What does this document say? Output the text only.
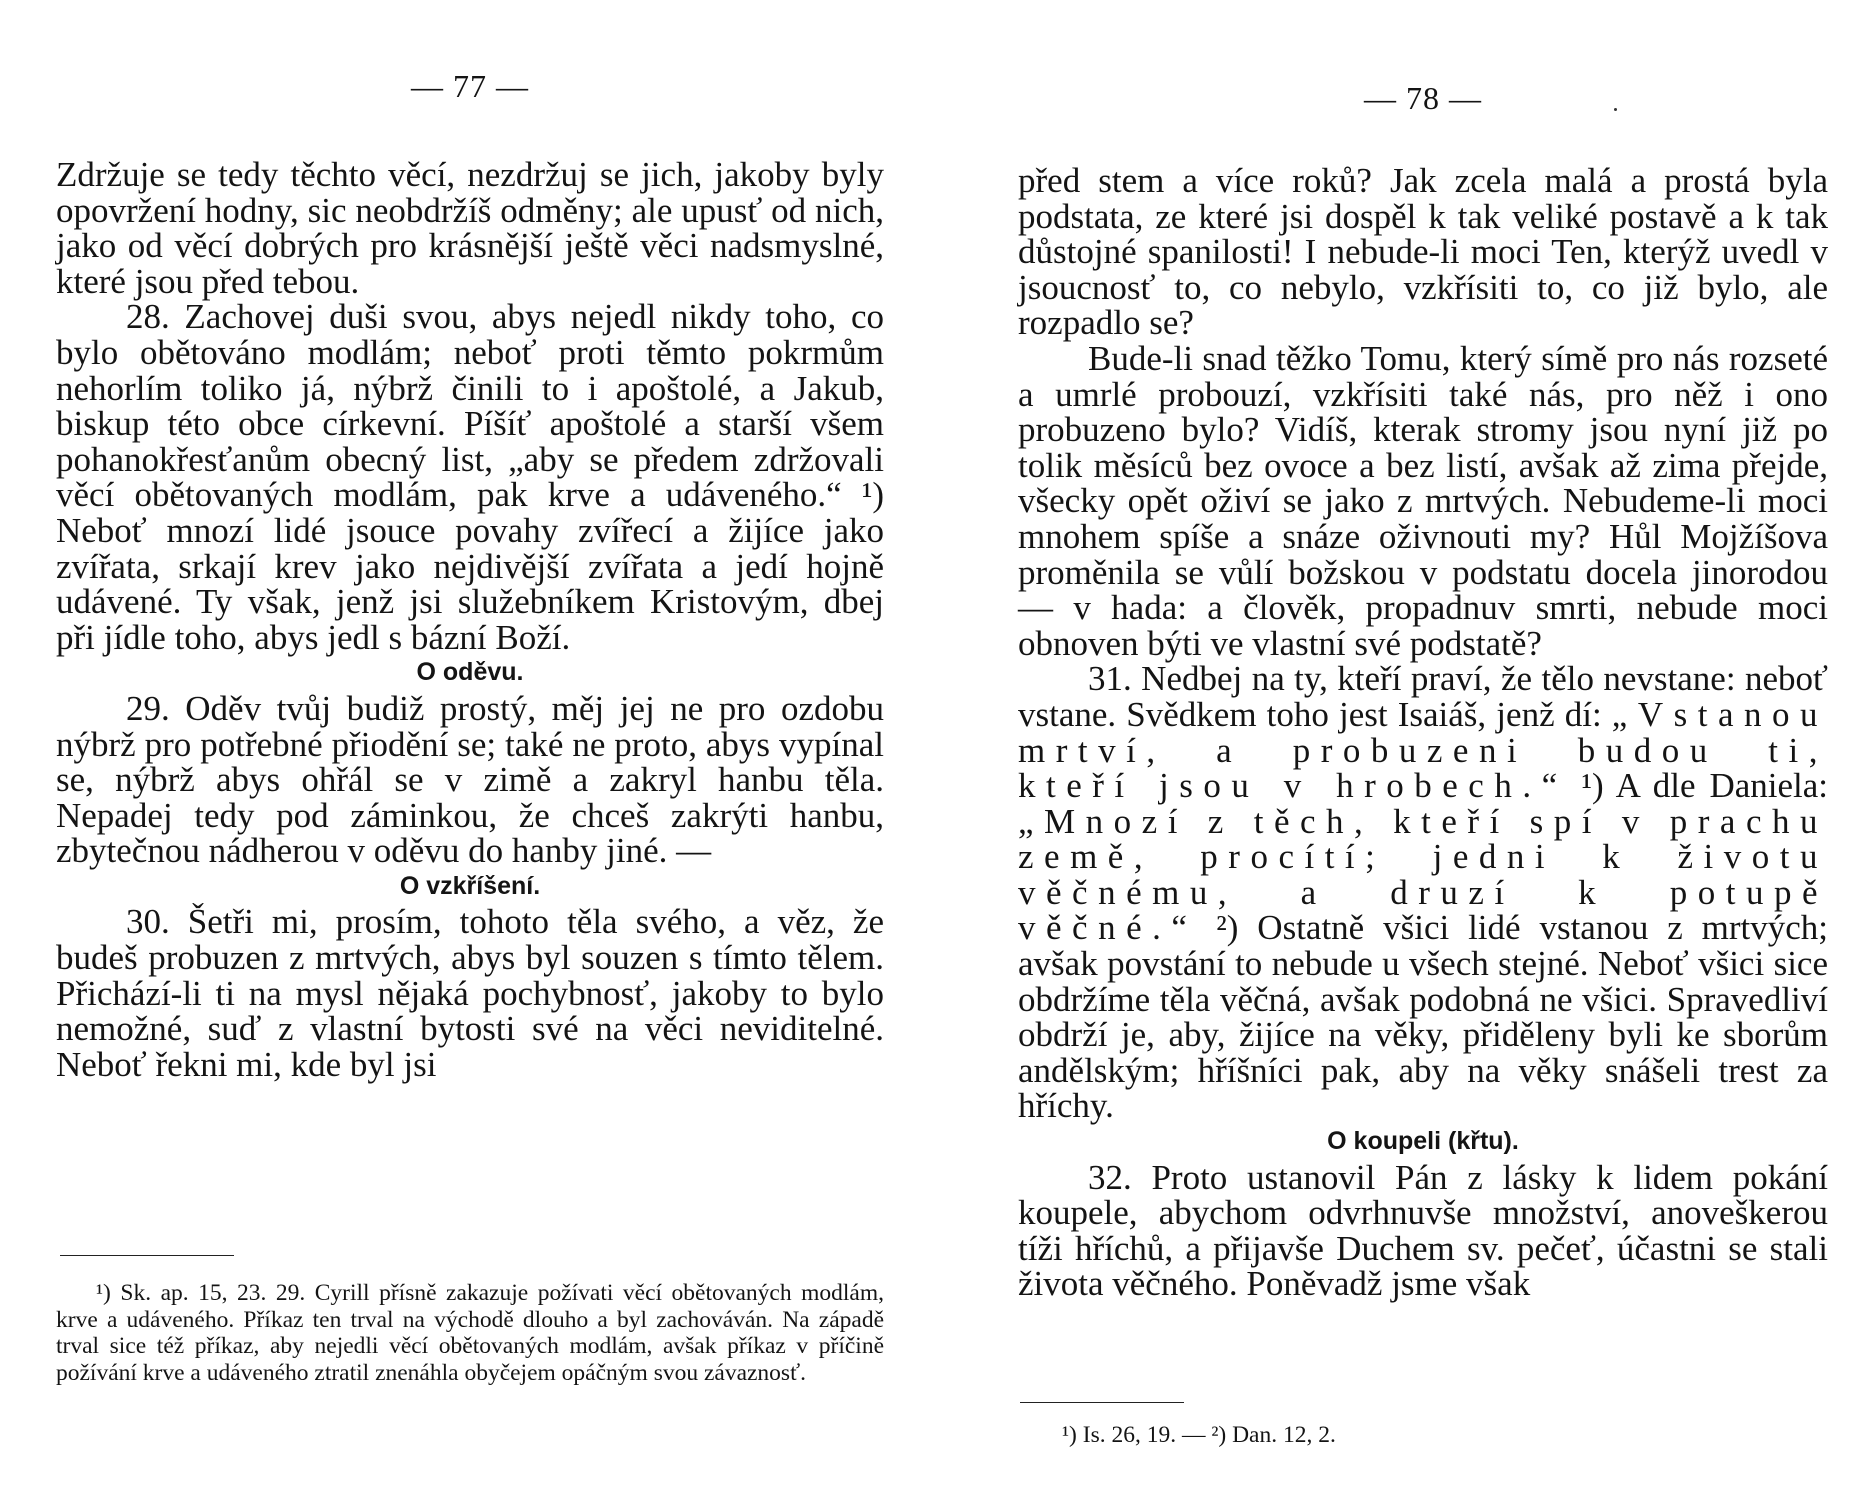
— 77 —

Zdržuje se tedy těchto věcí, nezdržuj se jich, jakoby byly opovržení hodny, sic neobdržíš odměny; ale upusť od nich, jako od věcí dobrých pro krásnější ještě věci nadsmyslné, které jsou před tebou.

28. Zachovej duši svou, abys nejedl nikdy toho, co bylo obětováno modlám; neboť proti těmto pokrmům nehorlím toliko já, nýbrž činili to i apoštolé, a Jakub, biskup této obce církevní. Píšíť apoštolé a starší všem pohanokřesťanům obecný list, „aby se předem zdržovali věcí obětovaných modlám, pak krve a udáveného.“ ¹) Neboť mnozí lidé jsouce povahy zvířecí a žijíce jako zvířata, srkají krev jako nejdivější zvířata a jedí hojně udávené. Ty však, jenž jsi služebníkem Kristovým, dbej při jídle toho, abys jedl s bázní Boží.

O oděvu.

29. Oděv tvůj budiž prostý, měj jej ne pro ozdobu nýbrž pro potřebné přiodění se; také ne proto, abys vypínal se, nýbrž abys ohřál se v zimě a zakryl hanbu těla. Nepadej tedy pod záminkou, že chceš zakrýti hanbu, zbytečnou nádherou v oděvu do hanby jiné. —

O vzkříšení.

30. Šetři mi, prosím, tohoto těla svého, a věz, že budeš probuzen z mrtvých, abys byl souzen s tímto tělem. Přichází-li ti na mysl nějaká pochybnosť, jakoby to bylo nemožné, suď z vlastní bytosti své na věci neviditelné. Neboť řekni mi, kde byl jsi

¹) Sk. ap. 15, 23. 29. Cyrill přísně zakazuje požívati věcí obětovaných modlám, krve a udáveného. Příkaz ten trval na východě dlouho a byl zachováván. Na západě trval sice též příkaz, aby nejedli věcí obětovaných modlám, avšak příkaz v příčině požívání krve a udáveného ztratil znenáhla obyčejem opáčným svou závaznosť.

— 78 —

před stem a více roků? Jak zcela malá a prostá byla podstata, ze které jsi dospěl k tak veliké postavě a k tak důstojné spanilosti! I nebude-li moci Ten, kterýž uvedl v jsoucnosť to, co nebylo, vzkřísiti to, co již bylo, ale rozpadlo se?

Bude-li snad těžko Tomu, který símě pro nás rozseté a umrlé probouzí, vzkřísiti také nás, pro něž i ono probuzeno bylo? Vidíš, kterak stromy jsou nyní již po tolik měsíců bez ovoce a bez listí, avšak až zima přejde, všecky opět oživí se jako z mrtvých. Nebudeme-li moci mnohem spíše a snáze oživnouti my? Hůl Mojžíšova proměnila se vůlí božskou v podstatu docela jinorodou — v hada: a člověk, propadnuv smrti, nebude moci obnoven býti ve vlastní své podstatě?

31. Nedbej na ty, kteří praví, že tělo nevstane: neboť vstane. Svědkem toho jest Isaiáš, jenž dí: „Vstanou mrtví, a probuzeni budou ti, kteří jsou v hrobech.“ ¹) A dle Daniela: „Mnozí z těch, kteří spí v prachu země, procítí; jedni k životu věčnému, a druzí k potupě věčné.“ ²) Ostatně všici lidé vstanou z mrtvých; avšak povstání to nebude u všech stejné. Neboť všici sice obdržíme těla věčná, avšak podobná ne všici. Spravedliví obdrží je, aby, žijíce na věky, přiděleny byli ke sborům andělským; hříšníci pak, aby na věky snášeli trest za hříchy.

O koupeli (křtu).

32. Proto ustanovil Pán z lásky k lidem pokání koupele, abychom odvrhnuvše množství, anoveškerou tíži hříchů, a přijavše Duchem sv. pečeť, účastni se stali života věčného. Poněvadž jsme však

¹) Is. 26, 19. — ²) Dan. 12, 2.
